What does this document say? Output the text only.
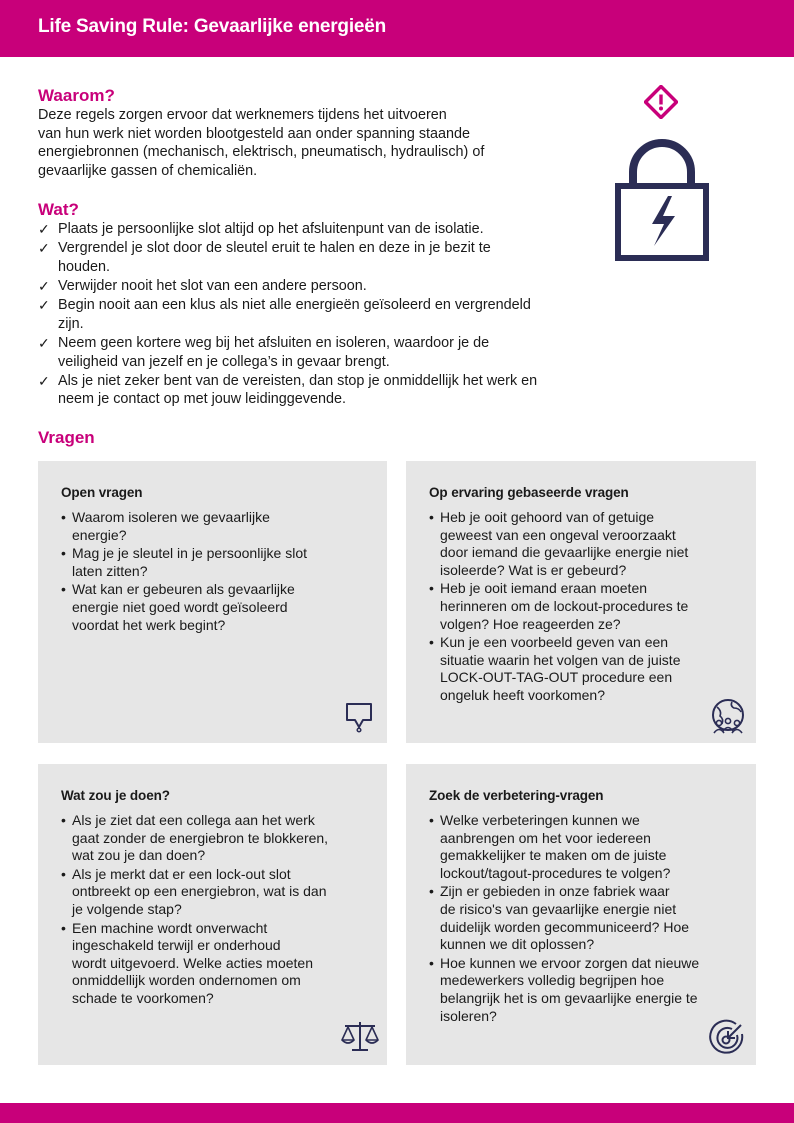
Life Saving Rule: Gevaarlijke energieën
Waarom?

Deze regels zorgen ervoor dat werknemers tijdens het uitvoeren
van hun werk niet worden blootgesteld aan onder spanning staande
energiebronnen (mechanisch, elektrisch, pneumatisch, hydraulisch) of
gevaarlijke gassen of chemicaliën.

Wat?
✓ Plaats je persoonlijke slot altijd op het afsluitenpunt van de isolatie.
✓ Vergrendel je slot door de sleutel eruit te halen en deze in je bezit te
houden.
✓ Verwijder nooit het slot van een andere persoon.
✓ Begin nooit aan een klus als niet alle energieën geïsoleerd en vergrendeld
zijn.
✓ Neem geen kortere weg bij het afsluiten en isoleren, waardoor je de
veiligheid van jezelf en je collega’s in gevaar brengt.
✓ Als je niet zeker bent van de vereisten, dan stop je onmiddellijk het werk en
neem je contact op met jouw leidinggevende.
Vragen
Open vragen
• Waarom isoleren we gevaarlijke
energie?
• Mag je je sleutel in je persoonlijke slot
laten zitten?
• Wat kan er gebeuren als gevaarlijke
energie niet goed wordt geïsoleerd
voordat het werk begint?
Op ervaring gebaseerde vragen
• Heb je ooit gehoord van of getuige
geweest van een ongeval veroorzaakt
door iemand die gevaarlijke energie niet
isoleerde? Wat is er gebeurd?
• Heb je ooit iemand eraan moeten
herinneren om de lockout-procedures te
volgen? Hoe reageerden ze?
• Kun je een voorbeeld geven van een
situatie waarin het volgen van de juiste
LOCK-OUT-TAG-OUT procedure een
ongeluk heeft voorkomen?
Wat zou je doen?
• Als je ziet dat een collega aan het werk
gaat zonder de energiebron te blokkeren,
wat zou je dan doen?
• Als je merkt dat er een lock-out slot
ontbreekt op een energiebron, wat is dan
je volgende stap?
• Een machine wordt onverwacht
ingeschakeld terwijl er onderhoud
wordt uitgevoerd. Welke acties moeten
onmiddellijk worden ondernomen om
schade te voorkomen?
Zoek de verbetering-vragen
• Welke verbeteringen kunnen we
aanbrengen om het voor iedereen
gemakkelijker te maken om de juiste
lockout/tagout-procedures te volgen?
• Zijn er gebieden in onze fabriek waar
de risico's van gevaarlijke energie niet
duidelijk worden gecommuniceerd? Hoe
kunnen we dit oplossen?
• Hoe kunnen we ervoor zorgen dat nieuwe
medewerkers volledig begrijpen hoe
belangrijk het is om gevaarlijke energie te
isoleren?
